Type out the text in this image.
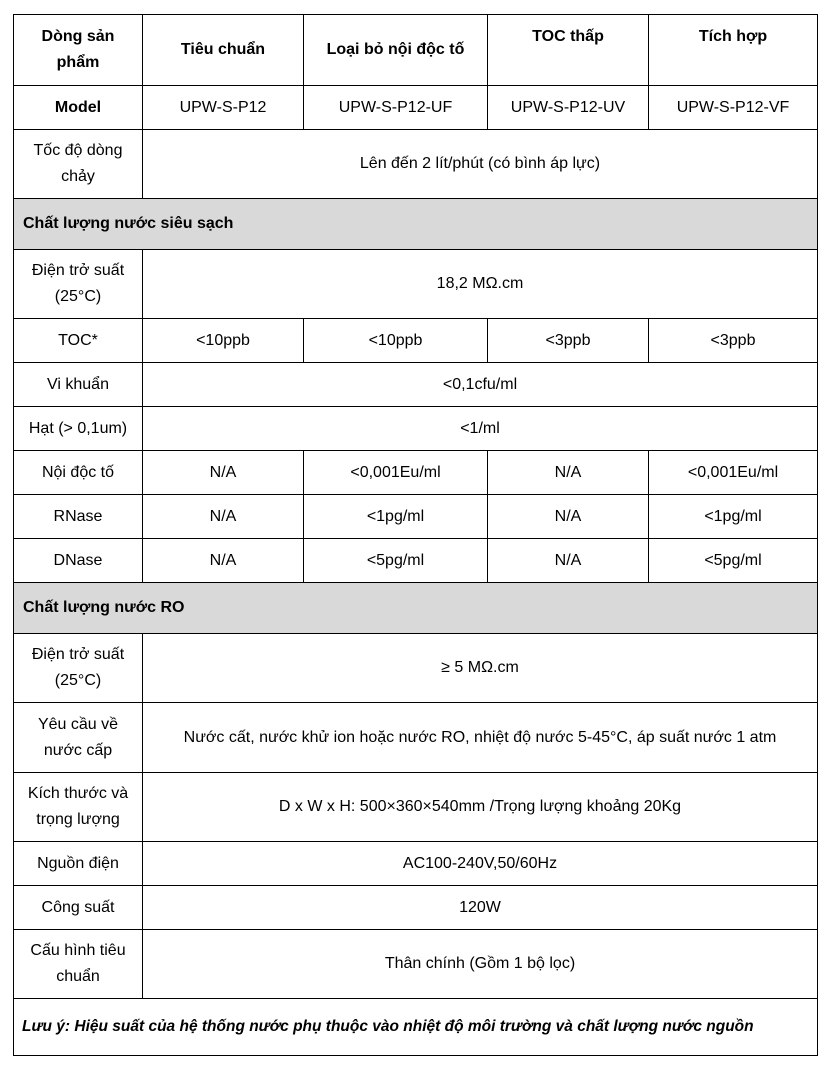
Dòng sản phẩm	Tiêu chuẩn	Loại bỏ nội độc tố	TOC thấp	Tích hợp
Model	UPW-S-P12	UPW-S-P12-UF	UPW-S-P12-UV	UPW-S-P12-VF
Tốc độ dòng chảy	Lên đến 2 lít/phút (có bình áp lực)			
Chất lượng nước siêu sạch				
Điện trở suất (25°C)	18,2 MΩ.cm			
TOC*	<10ppb	<10ppb	<3ppb	<3ppb
Vi khuẩn	<0,1cfu/ml			
Hạt (> 0,1um)	<1/ml			
Nội độc tố	N/A	<0,001Eu/ml	N/A	<0,001Eu/ml
RNase	N/A	<1pg/ml	N/A	<1pg/ml
DNase	N/A	<5pg/ml	N/A	<5pg/ml
Chất lượng nước RO				
Điện trở suất (25°C)	≥ 5 MΩ.cm			
Yêu cầu về nước cấp	Nước cất, nước khử ion hoặc nước RO, nhiệt độ nước 5-45°C, áp suất nước 1 atm			
Kích thước và trọng lượng	D x W x H: 500×360×540mm /Trọng lượng khoảng 20Kg			
Nguồn điện	AC100-240V,50/60Hz			
Công suất	120W			
Cấu hình tiêu chuẩn	Thân chính (Gồm 1 bộ lọc)			
Lưu ý: Hiệu suất của hệ thống nước phụ thuộc vào nhiệt độ môi trường và chất lượng nước nguồn				
